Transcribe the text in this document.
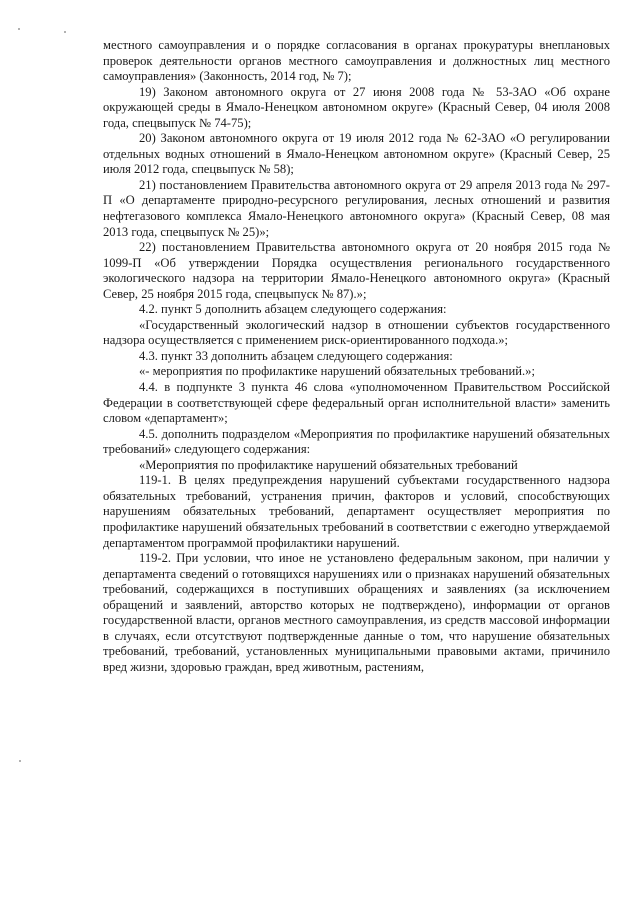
местного самоуправления и о порядке согласования в органах прокуратуры внеплановых проверок деятельности органов местного самоуправления и должностных лиц местного самоуправления» (Законность, 2014 год, № 7);

19) Законом автономного округа от 27 июня 2008 года № 53-ЗАО «Об охране окружающей среды в Ямало-Ненецком автономном округе» (Красный Север, 04 июля 2008 года, спецвыпуск № 74-75);

20) Законом автономного округа от 19 июля 2012 года № 62-ЗАО «О регулировании отдельных водных отношений в Ямало-Ненецком автономном округе» (Красный Север, 25 июля 2012 года, спецвыпуск № 58);

21) постановлением Правительства автономного округа от 29 апреля 2013 года № 297-П «О департаменте природно-ресурсного регулирования, лесных отношений и развития нефтегазового комплекса Ямало-Ненецкого автономного округа» (Красный Север, 08 мая 2013 года, спецвыпуск № 25)»;

22) постановлением Правительства автономного округа от 20 ноября 2015 года № 1099-П «Об утверждении Порядка осуществления регионального государственного экологического надзора на территории Ямало-Ненецкого автономного округа» (Красный Север, 25 ноября 2015 года, спецвыпуск № 87).»;

4.2. пункт 5 дополнить абзацем следующего содержания:

«Государственный экологический надзор в отношении субъектов государственного надзора осуществляется с применением риск-ориентированного подхода.»;

4.3. пункт 33 дополнить абзацем следующего содержания:

«- мероприятия по профилактике нарушений обязательных требований.»;

4.4. в подпункте 3 пункта 46 слова «уполномоченном Правительством Российской Федерации в соответствующей сфере федеральный орган исполнительной власти» заменить словом «департамент»;

4.5. дополнить подразделом «Мероприятия по профилактике нарушений обязательных требований» следующего содержания:

«Мероприятия по профилактике нарушений обязательных требований

119-1. В целях предупреждения нарушений субъектами государственного надзора обязательных требований, устранения причин, факторов и условий, способствующих нарушениям обязательных требований, департамент осуществляет мероприятия по профилактике нарушений обязательных требований в соответствии с ежегодно утверждаемой департаментом программой профилактики нарушений.

119-2. При условии, что иное не установлено федеральным законом, при наличии у департамента сведений о готовящихся нарушениях или о признаках нарушений обязательных требований, содержащихся в поступивших обращениях и заявлениях (за исключением обращений и заявлений, авторство которых не подтверждено), информации от органов государственной власти, органов местного самоуправления, из средств массовой информации в случаях, если отсутствуют подтвержденные данные о том, что нарушение обязательных требований, требований, установленных муниципальными правовыми актами, причинило вред жизни, здоровью граждан, вред животным, растениям,
